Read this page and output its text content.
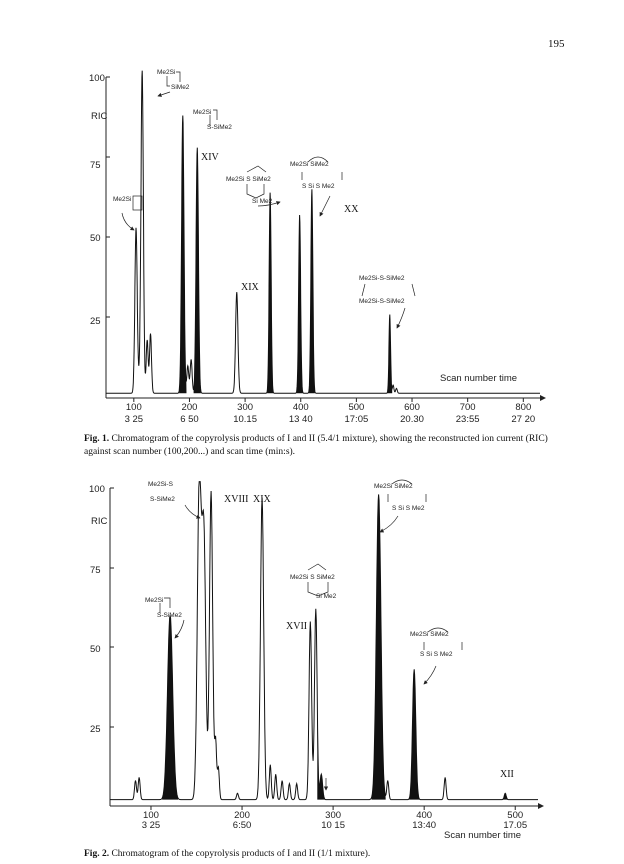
195
100
75
50
25
RIC
100
3 25
200
6 50
300
10.15
400
13 40
500
17:05
600
20.30
700
23:55
800
27 20
Scan number time
XIV
XIX
XX
Me2Si
SiMe2
Me2Si
S-SiMe2
Me2Si
Me2Si S SiMe2
Si Me2
Me2Si SiMe2
S Si S Me2
Me2Si-S-SiMe2
Me2Si-S-SiMe2
100
75
50
25
RIC
100
3 25
200
6:50
300
10 15
400
13:40
500
17.05
Scan number time
XVIII XIX
XVII
XII
Me2Si-S
S-SiMe2
Me2Si
S-SiMe2
Me2Si SiMe2
S Si S Me2
Me2Si S SiMe2
Si Me2
Me2Si SiMe2
S Si S Me2
Fig. 1. Chromatogram of the copyrolysis products of I and II (5.4/1 mixture), showing the reconstructed ion current (RIC) against scan number (100,200...) and scan time (min:s).
Fig. 2. Chromatogram of the copyrolysis products of I and II (1/1 mixture).
